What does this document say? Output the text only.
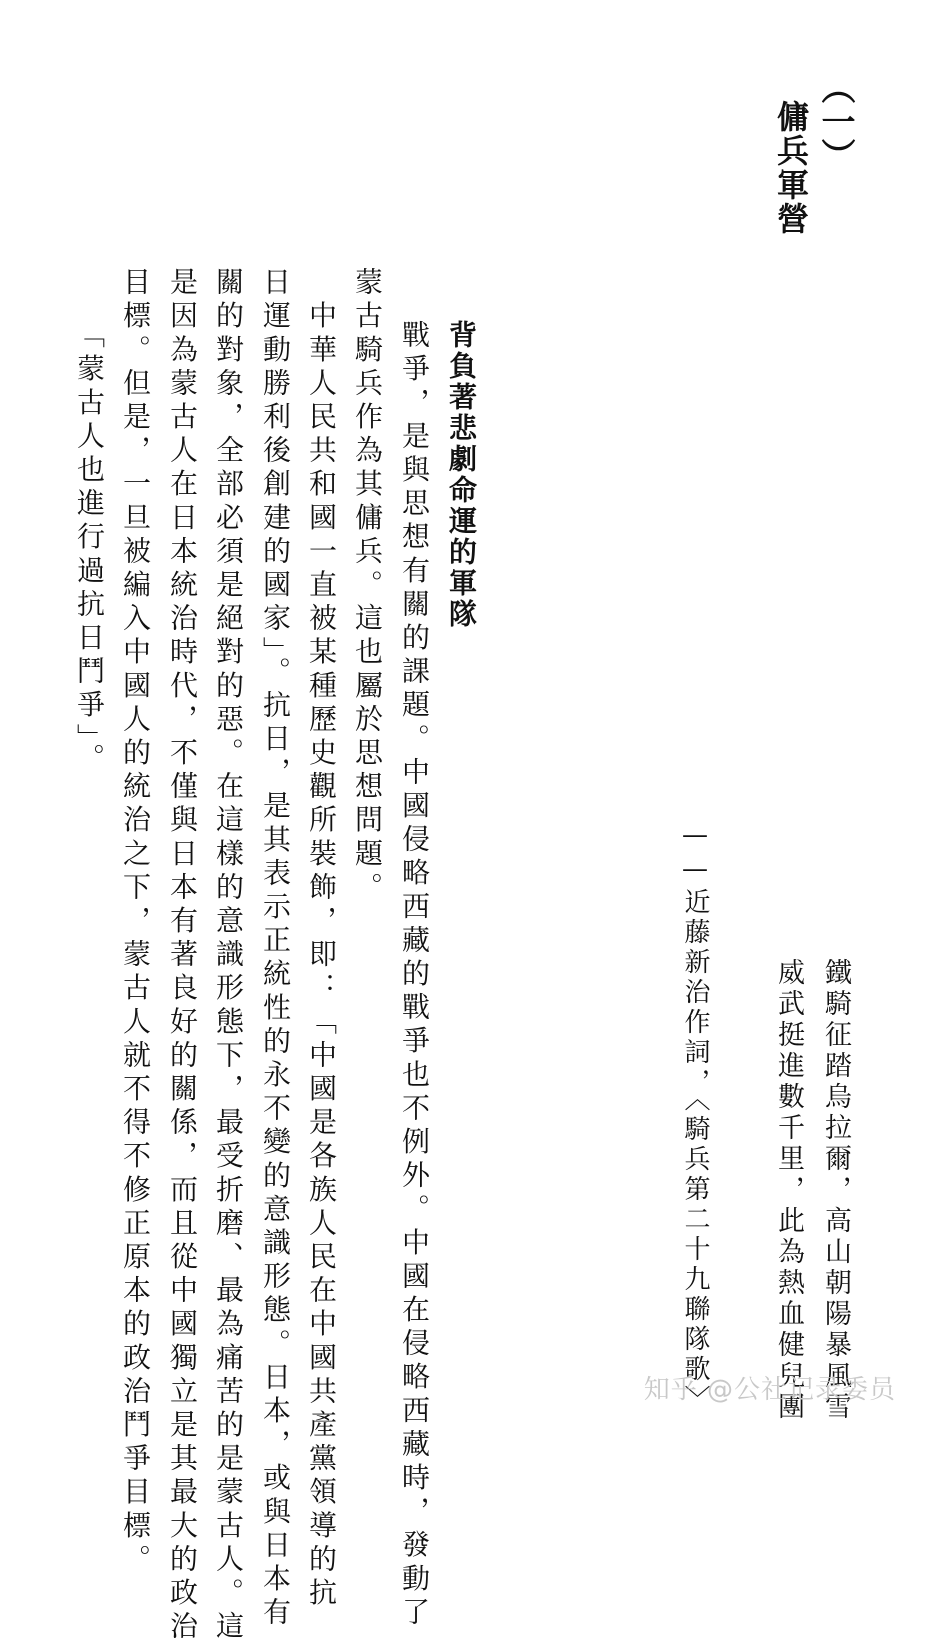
（一）
傭兵軍營
鐵騎征踏烏拉爾，高山朝陽暴風雪
威武挺進數千里，此為熱血健兒團
——近藤新治作詞，〈騎兵第二十九聯隊歌〉
背負著悲劇命運的軍隊
戰爭，是與思想有關的課題。中國侵略西藏的戰爭也不例外。中國在侵略西藏時，發動了
蒙古騎兵作為其傭兵。這也屬於思想問題。
　中華人民共和國一直被某種歷史觀所裝飾，即：「中國是各族人民在中國共產黨領導的抗
日運動勝利後創建的國家」。抗日，是其表示正統性的永不變的意識形態。日本，或與日本有
關的對象，全部必須是絕對的惡。在這樣的意識形態下，最受折磨、最為痛苦的是蒙古人。這
是因為蒙古人在日本統治時代，不僅與日本有著良好的關係，而且從中國獨立是其最大的政治
目標。但是，一旦被編入中國人的統治之下，蒙古人就不得不修正原本的政治鬥爭目標。
「蒙古人也進行過抗日鬥爭」。
知乎 @公社记录委员
